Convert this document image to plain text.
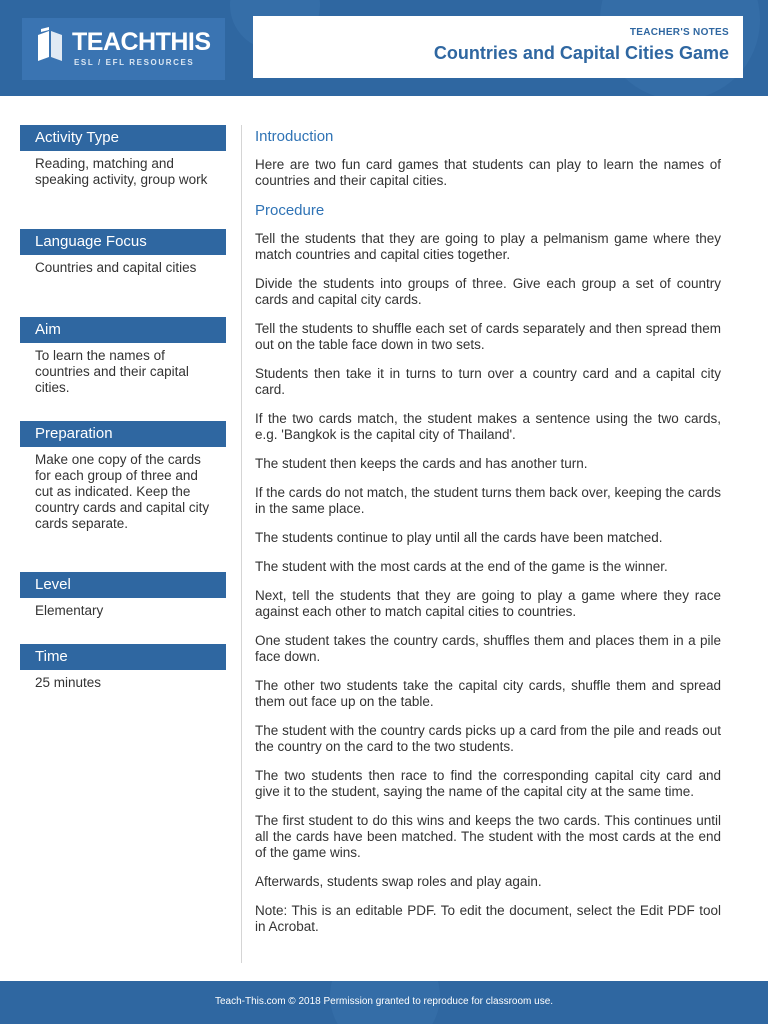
TEACHTHIS
ESL / EFL RESOURCES
TEACHER'S NOTES
Countries and Capital Cities Game
Activity Type
Reading, matching and speaking activity, group work
Language Focus
Countries and capital cities
Aim
To learn the names of countries and their capital cities.
Preparation
Make one copy of the cards for each group of three and cut as indicated. Keep the country cards and capital city cards separate.
Level
Elementary
Time
25 minutes
Introduction
Here are two fun card games that students can play to learn the names of countries and their capital cities.
Procedure
Tell the students that they are going to play a pelmanism game where they match countries and capital cities together.
Divide the students into groups of three. Give each group a set of country cards and capital city cards.
Tell the students to shuffle each set of cards separately and then spread them out on the table face down in two sets.
Students then take it in turns to turn over a country card and a capital city card.
If the two cards match, the student makes a sentence using the two cards, e.g. 'Bangkok is the capital city of Thailand'.
The student then keeps the cards and has another turn.
If the cards do not match, the student turns them back over, keeping the cards in the same place.
The students continue to play until all the cards have been matched.
The student with the most cards at the end of the game is the winner.
Next, tell the students that they are going to play a game where they race against each other to match capital cities to countries.
One student takes the country cards, shuffles them and places them in a pile face down.
The other two students take the capital city cards, shuffle them and spread them out face up on the table.
The student with the country cards picks up a card from the pile and reads out the country on the card to the two students.
The two students then race to find the corresponding capital city card and give it to the student, saying the name of the capital city at the same time.
The first student to do this wins and keeps the two cards. This continues until all the cards have been matched. The student with the most cards at the end of the game wins.
Afterwards, students swap roles and play again.
Note: This is an editable PDF. To edit the document, select the Edit PDF tool in Acrobat.
Teach-This.com © 2018 Permission granted to reproduce for classroom use.
